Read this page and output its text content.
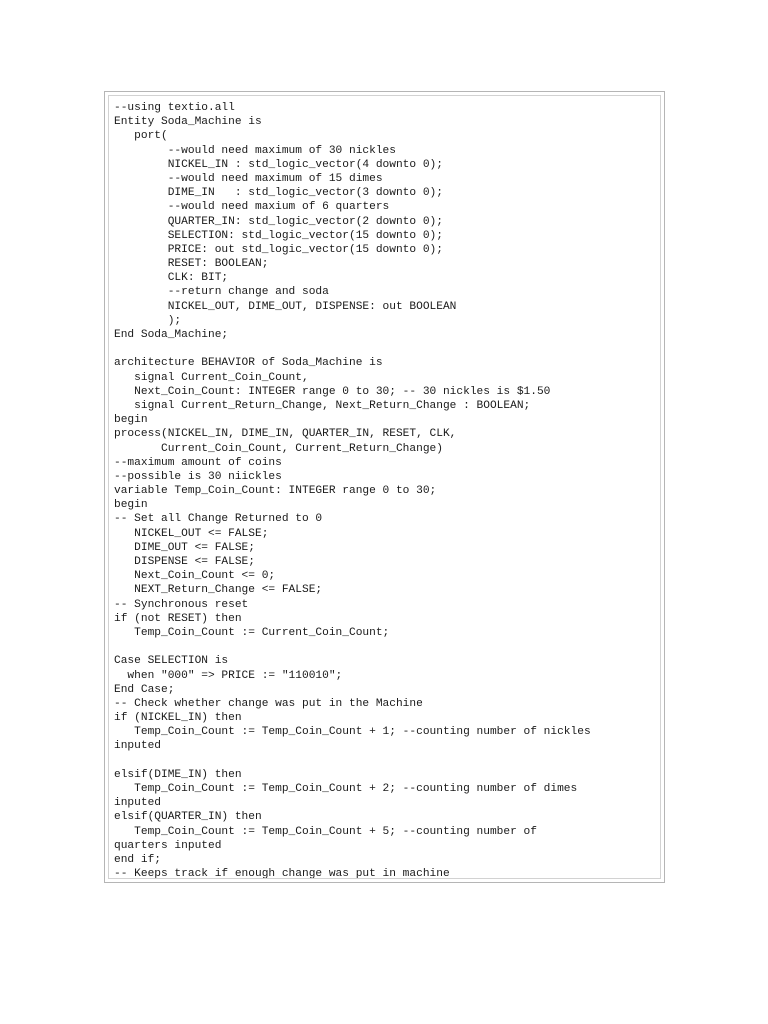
--using textio.all
Entity Soda_Machine is
port(
--would need maximum of 30 nickles
NICKEL_IN : std_logic_vector(4 downto 0);
--would need maximum of 15 dimes
DIME_IN   : std_logic_vector(3 downto 0);
--would need maxium of 6 quarters
QUARTER_IN: std_logic_vector(2 downto 0);
SELECTION: std_logic_vector(15 downto 0);
PRICE: out std_logic_vector(15 downto 0);
RESET: BOOLEAN;
CLK: BIT;
--return change and soda
NICKEL_OUT, DIME_OUT, DISPENSE: out BOOLEAN
);
End Soda_Machine;
architecture BEHAVIOR of Soda_Machine is
signal Current_Coin_Count,
Next_Coin_Count: INTEGER range 0 to 30; -- 30 nickles is $1.50
signal Current_Return_Change, Next_Return_Change : BOOLEAN;
begin
process(NICKEL_IN, DIME_IN, QUARTER_IN, RESET, CLK,
Current_Coin_Count, Current_Return_Change)
--maximum amount of coins
--possible is 30 niickles
variable Temp_Coin_Count: INTEGER range 0 to 30;
begin
-- Set all Change Returned to 0
NICKEL_OUT <= FALSE;
DIME_OUT <= FALSE;
DISPENSE <= FALSE;
Next_Coin_Count <= 0;
NEXT_Return_Change <= FALSE;
-- Synchronous reset
if (not RESET) then
Temp_Coin_Count := Current_Coin_Count;
Case SELECTION is
when "000" => PRICE := "110010";
End Case;
-- Check whether change was put in the Machine
if (NICKEL_IN) then
Temp_Coin_Count := Temp_Coin_Count + 1; --counting number of nickles
inputed
elsif(DIME_IN) then
Temp_Coin_Count := Temp_Coin_Count + 2; --counting number of dimes
inputed
elsif(QUARTER_IN) then
Temp_Coin_Count := Temp_Coin_Count + 5; --counting number of
quarters inputed
end if;
-- Keeps track if enough change was put in machine
